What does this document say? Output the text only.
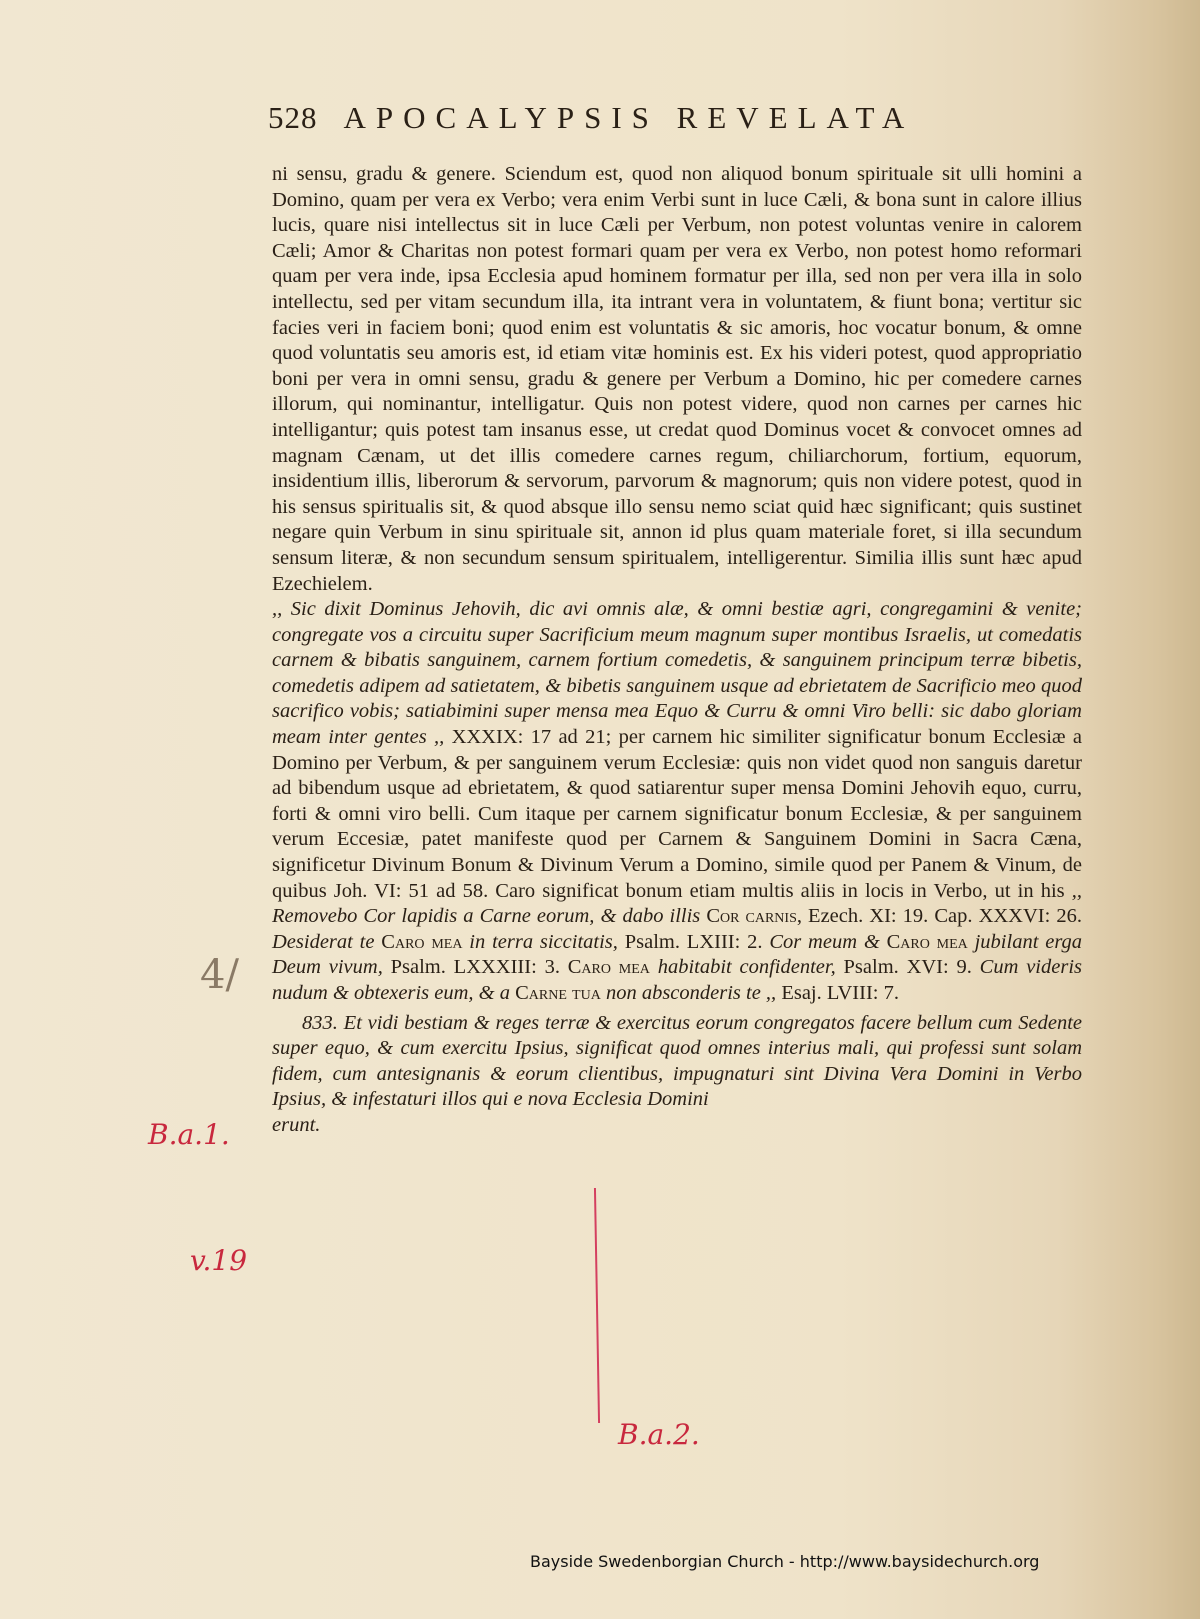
528 APOCALYPSIS REVELATA

ni sensu, gradu & genere. Sciendum est, quod non aliquod bonum spirituale sit ulli homini a Domino, quam per vera ex Verbo; vera enim Verbi sunt in luce Cæli, & bona sunt in calore illius lucis, quare nisi intellectus sit in luce Cæli per Verbum, non potest voluntas venire in calorem Cæli; Amor & Charitas non potest formari quam per vera ex Verbo, non potest homo reformari quam per vera inde, ipsa Ecclesia apud hominem formatur per illa, sed non per vera illa in solo intellectu, sed per vitam secundum illa, ita intrant vera in voluntatem, & fiunt bona; vertitur sic facies veri in faciem boni; quod enim est voluntatis & sic amoris, hoc vocatur bonum, & omne quod voluntatis seu amoris est, id etiam vitæ hominis est. Ex his videri potest, quod appropriatio boni per vera in omni sensu, gradu & genere per Verbum a Domino, hic per comedere carnes illorum, qui nominantur, intelligatur. Quis non potest videre, quod non carnes per carnes hic intelligantur; quis potest tam insanus esse, ut credat quod Dominus vocet & convocet omnes ad magnam Cænam, ut det illis comedere carnes regum, chiliarchorum, fortium, equorum, insidentium illis, liberorum & servorum, parvorum & magnorum; quis non videre potest, quod in his sensus spiritualis sit, & quod absque illo sensu nemo sciat quid hæc significant; quis sustinet negare quin Verbum in sinu spirituale sit, annon id plus quam materiale foret, si illa secundum sensum literæ, & non secundum sensum spiritualem, intelligerentur. Similia illis sunt hæc apud Ezechielem.

,, Sic dixit Dominus Jehovih, dic avi omnis alæ, & omni bestiæ agri, congregamini & venite; congregate vos a circuitu super Sacrificium meum magnum super montibus Israelis, ut comedatis carnem & bibatis sanguinem, carnem fortium comedetis, & sanguinem principum terræ bibetis, comedetis adipem ad satietatem, & bibetis sanguinem usque ad ebrietatem de Sacrificio meo quod sacrifico vobis; satiabimini super mensa mea Equo & Curru & omni Viro belli: sic dabo gloriam meam inter gentes ,, XXXIX: 17 ad 21; per carnem hic similiter significatur bonum Ecclesiæ a Domino per Verbum, & per sanguinem verum Ecclesiæ: quis non videt quod non sanguis daretur ad bibendum usque ad ebrietatem, & quod satiarentur super mensa Domini Jehovih equo, curru, forti & omni viro belli. Cum itaque per carnem significatur bonum Ecclesiæ, & per sanguinem verum Eccesiæ, patet manifeste quod per Carnem & Sanguinem Domini in Sacra Cæna, significetur Divinum Bonum & Divinum Verum a Domino, simile quod per Panem & Vinum, de quibus Joh. VI: 51 ad 58. Caro significat bonum etiam multis aliis in locis in Verbo, ut in his ,, Removebo Cor lapidis a Carne eorum, & dabo illis Cor carnis, Ezech. XI: 19. Cap. XXXVI: 26. Desiderat te Caro mea in terra siccitatis, Psalm. LXIII: 2. Cor meum & Caro mea jubilant erga Deum vivum, Psalm. LXXXIII: 3. Caro mea habitabit confidenter, Psalm. XVI: 9. Cum videris nudum & obtexeris eum, & a Carne tua non absconderis te ,, Esaj. LVIII: 7.

833. Et vidi bestiam & reges terræ & exercitus eorum congregatos facere bellum cum Sedente super equo, & cum exercitu Ipsius, significat quod omnes interius mali, qui professi sunt solam fidem, cum antesignanis & eorum clientibus, impugnaturi sint Divina Vera Domini in Verbo Ipsius, & infestaturi illos qui e nova Ecclesia Domini

erunt.

B.a.1.
v.19
B.a.2.
4/
Bayside Swedenborgian Church - http://www.baysidechurch.org
